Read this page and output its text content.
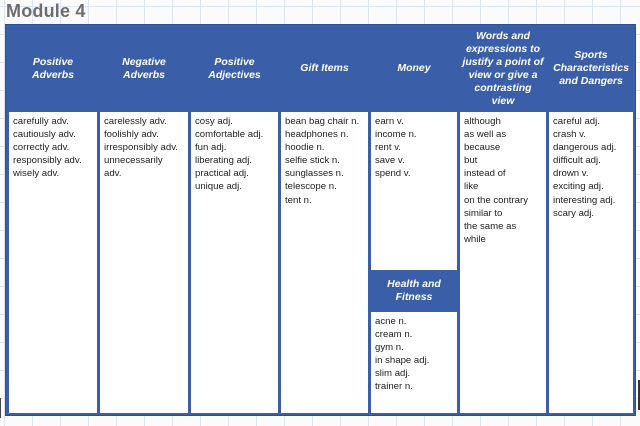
Module 4
Positive Adverbs
carefully adv.
cautiously adv.
correctly adv.
responsibly adv.
wisely adv.
Negative Adverbs
carelessly adv.
foolishly adv.
irresponsibly adv.
unnecessarily
adv.
Positive Adjectives
cosy adj.
comfortable adj.
fun adj.
liberating adj.
practical adj.
unique adj.
Gift Items
bean bag chair n.
headphones n.
hoodie n.
selfie stick n.
sunglasses n.
telescope n.
tent n.
Money
earn v.
income n.
rent v.
save v.
spend v.
Health and Fitness
acne n.
cream n.
gym n.
in shape adj.
slim adj.
trainer n.
Words and expressions to justify a point of view or give a contrasting view
although
as well as
because
but
instead of
like
on the contrary
similar to
the same as
while
Sports Characteristics and Dangers
careful adj.
crash v.
dangerous adj.
difficult adj.
drown v.
exciting adj.
interesting adj.
scary adj.
